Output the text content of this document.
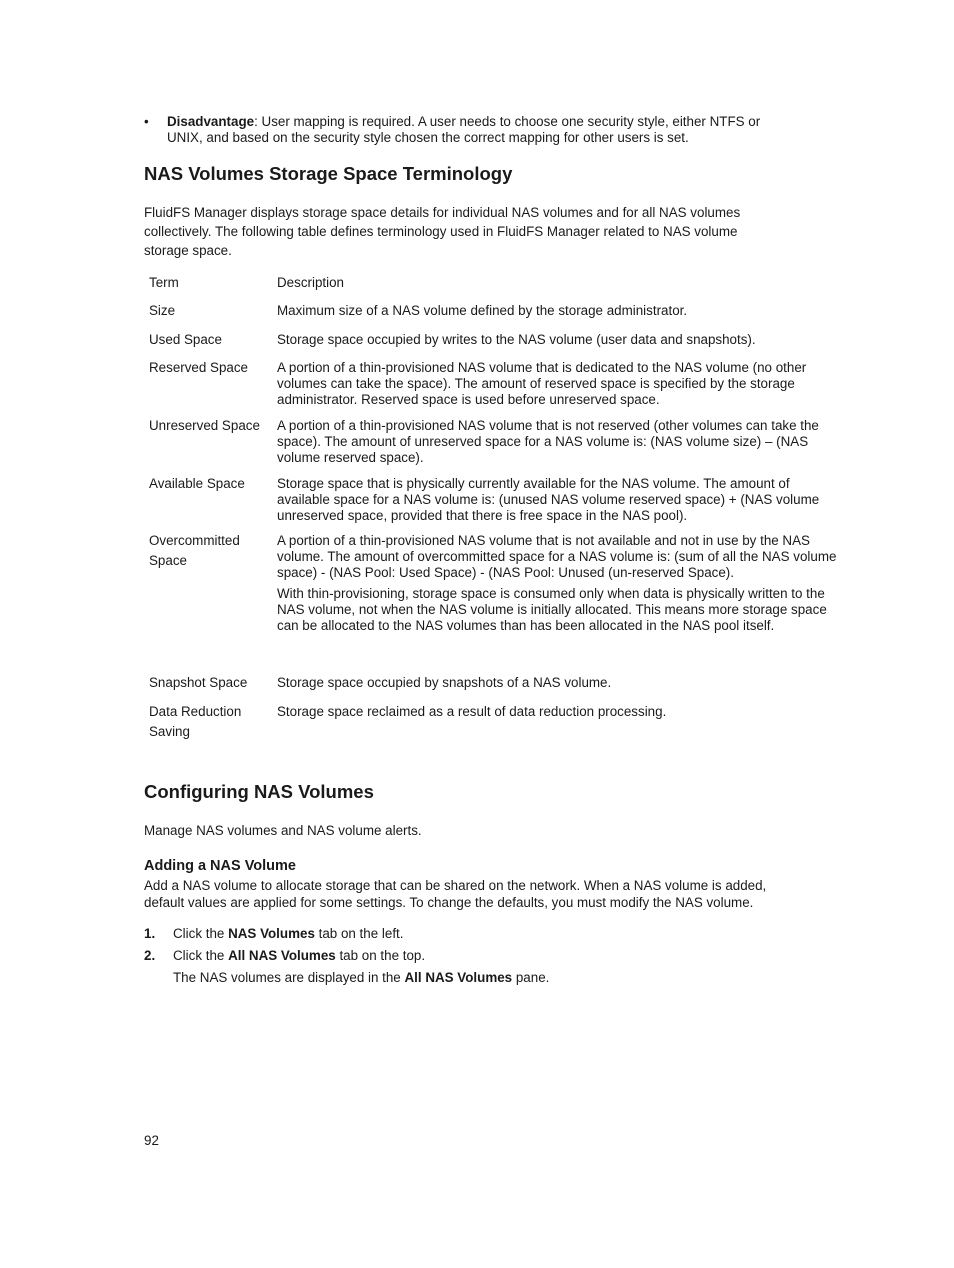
• Disadvantage: User mapping is required. A user needs to choose one security style, either NTFS or
UNIX, and based on the security style chosen the correct mapping for other users is set.
NAS Volumes Storage Space Terminology
FluidFS Manager displays storage space details for individual NAS volumes and for all NAS volumes
collectively. The following table defines terminology used in FluidFS Manager related to NAS volume
storage space.
Term	Description
Size	Maximum size of a NAS volume defined by the storage administrator.

Used Space	Storage space occupied by writes to the NAS volume (user data and snapshots).

Reserved Space	A portion of a thin-provisioned NAS volume that is dedicated to the NAS volume (no other volumes can take the space). The amount of reserved space is specified by the storage administrator. Reserved space is used before unreserved space.

Unreserved Space	A portion of a thin-provisioned NAS volume that is not reserved (other volumes can take the space). The amount of unreserved space for a NAS volume is: (NAS volume size) – (NAS volume reserved space).

Available Space	Storage space that is physically currently available for the NAS volume. The amount of available space for a NAS volume is: (unused NAS volume reserved space) + (NAS volume unreserved space, provided that there is free space in the NAS pool).

Overcommitted Space	A portion of a thin-provisioned NAS volume that is not available and not in use by the NAS volume. The amount of overcommitted space for a NAS volume is: (sum of all the NAS volume space) - (NAS Pool: Used Space) - (NAS Pool: Unused (un-reserved Space).

With thin-provisioning, storage space is consumed only when data is physically written to the NAS volume, not when the NAS volume is initially allocated. This means more storage space can be allocated to the NAS volumes than has been allocated in the NAS pool itself.

Snapshot Space	Storage space occupied by snapshots of a NAS volume.

Data Reduction Saving	Storage space reclaimed as a result of data reduction processing.

Configuring NAS Volumes

Manage NAS volumes and NAS volume alerts.

Adding a NAS Volume
Add a NAS volume to allocate storage that can be shared on the network. When a NAS volume is added,
default values are applied for some settings. To change the defaults, you must modify the NAS volume.
1. Click the NAS Volumes tab on the left.
2. Click the All NAS Volumes tab on the top.

The NAS volumes are displayed in the All NAS Volumes pane.

92
